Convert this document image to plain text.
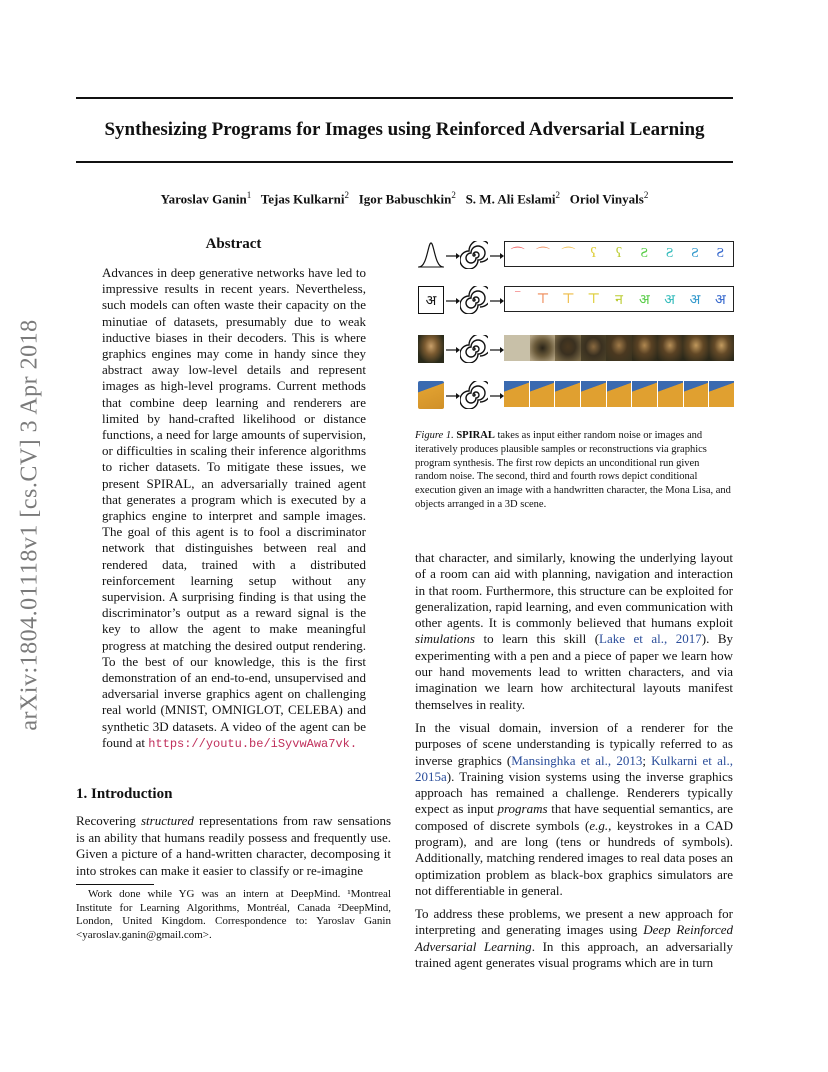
Synthesizing Programs for Images using Reinforced Adversarial Learning
Yaroslav Ganin$^1$ Tejas Kulkarni$^2$ Igor Babuschkin$^2$ S. M. Ali Eslami$^2$ Oriol Vinyals$^2$
arXiv:1804.01118v1 [cs.CV] 3 Apr 2018
Abstract
Advances in deep generative networks have led to impressive results in recent years. Nevertheless, such models can often waste their capacity on the minutiae of datasets, presumably due to weak inductive biases in their decoders. This is where graphics engines may come in handy since they abstract away low-level details and represent images as high-level programs. Current methods that combine deep learning and renderers are limited by hand-crafted likelihood or distance functions, a need for large amounts of supervision, or difficulties in scaling their inference algorithms to richer datasets. To mitigate these issues, we present SPIRAL, an adversarially trained agent that generates a program which is executed by a graphics engine to interpret and sample images. The goal of this agent is to fool a discriminator network that distinguishes between real and rendered data, trained with a distributed reinforcement learning setup without any supervision. A surprising finding is that using the discriminator’s output as a reward signal is the key to allow the agent to make meaningful progress at matching the desired output rendering. To the best of our knowledge, this is the first demonstration of an end-to-end, unsupervised and adversarial inverse graphics agent on challenging real world (MNIST, OMNIGLOT, CELEBA) and synthetic 3D datasets. A video of the agent can be found at https://youtu.be/iSyvwAwa7vk.
1. Introduction
Recovering structured representations from raw sensations is an ability that humans readily possess and frequently use. Given a picture of a hand-written character, decomposing it into strokes can make it easier to classify or re-imagine
Work done while YG was an intern at DeepMind. ¹Montreal Institute for Learning Algorithms, Montréal, Canada ²DeepMind, London, United Kingdom. Correspondence to: Yaroslav Ganin <yaroslav.ganin@gmail.com>.
⌒ ⌒ ⌒	ʕ	ʕ	Ƨ	Ƨ	Ƨ	Ƨ
अ	‾	⊤ ⊤ ⊤	न	अ	अ	अ	अ
Figure 1. SPIRAL takes as input either random noise or images and iteratively produces plausible samples or reconstructions via graphics program synthesis. The first row depicts an unconditional run given random noise. The second, third and fourth rows depict conditional execution given an image with a handwritten character, the Mona Lisa, and objects arranged in a 3D scene.

that character, and similarly, knowing the underlying layout of a room can aid with planning, navigation and interaction in that room. Furthermore, this structure can be exploited for generalization, rapid learning, and even communication with other agents. It is commonly believed that humans exploit simulations to learn this skill (Lake et al., 2017). By experimenting with a pen and a piece of paper we learn how our hand movements lead to written characters, and via imagination we learn how architectural layouts manifest themselves in reality.

In the visual domain, inversion of a renderer for the purposes of scene understanding is typically referred to as inverse graphics (Mansinghka et al., 2013; Kulkarni et al., 2015a). Training vision systems using the inverse graphics approach has remained a challenge. Renderers typically expect as input programs that have sequential semantics, are composed of discrete symbols (e.g., keystrokes in a CAD program), and are long (tens or hundreds of symbols). Additionally, matching rendered images to real data poses an optimization problem as black-box graphics simulators are not differentiable in general.

To address these problems, we present a new approach for interpreting and generating images using Deep Reinforced Adversarial Learning. In this approach, an adversarially trained agent generates visual programs which are in turn
